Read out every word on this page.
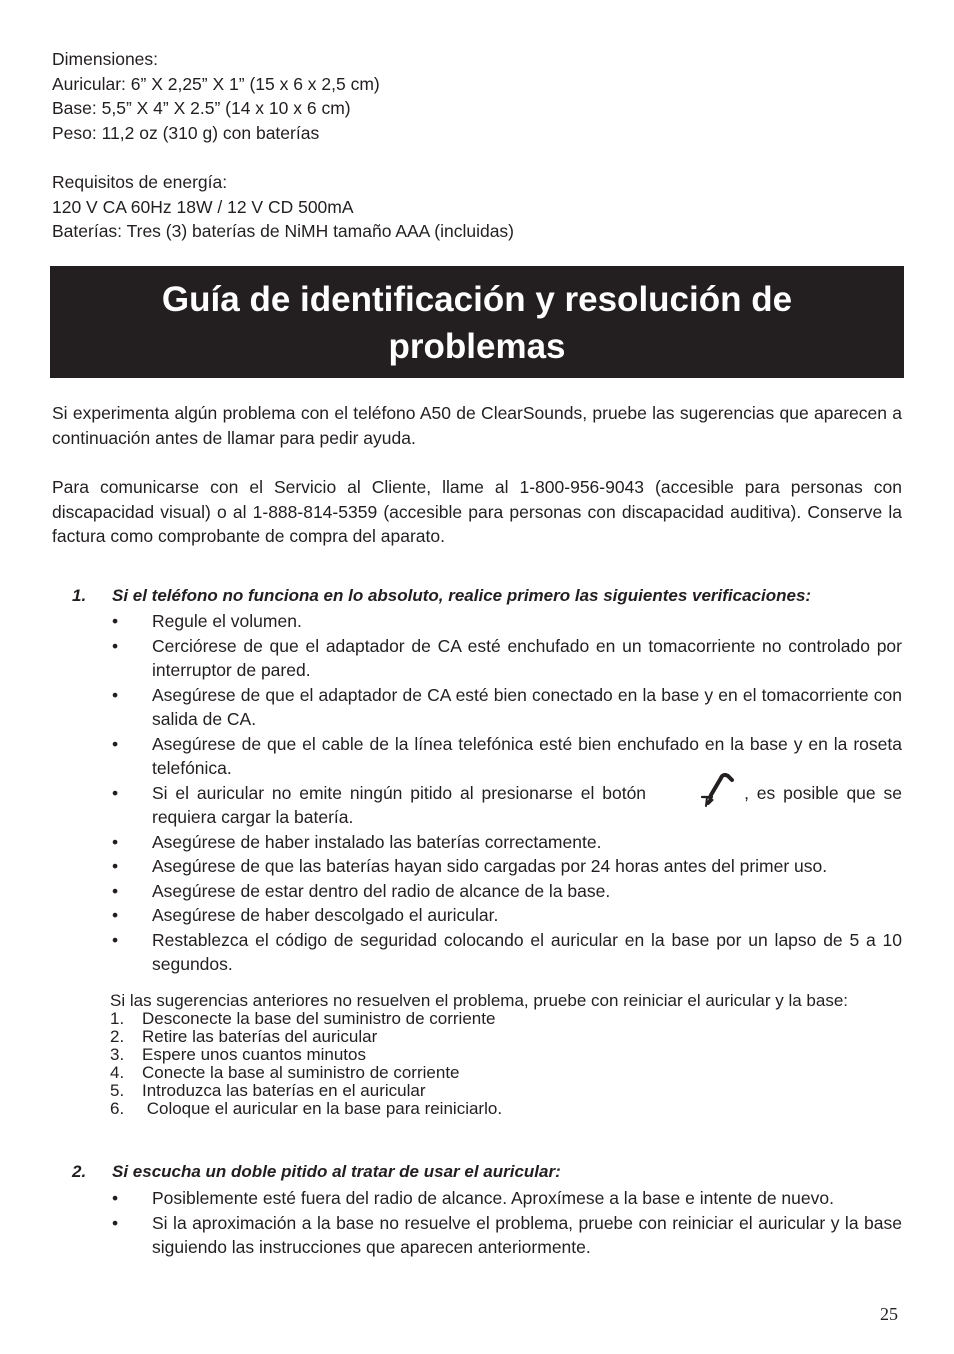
Dimensiones:
Auricular: 6” X 2,25” X 1” (15 x 6 x 2,5 cm)
Base: 5,5” X 4” X 2.5” (14 x 10 x 6 cm)
Peso: 11,2 oz (310 g) con baterías
Requisitos de energía:
120 V CA 60Hz 18W / 12 V CD 500mA
Baterías: Tres (3) baterías de NiMH tamaño AAA (incluidas)
Guía de identificación y resolución de
problemas
Si experimenta algún problema con el teléfono A50 de ClearSounds, pruebe las sugerencias que aparecen a continuación antes de llamar para pedir ayuda.
Para comunicarse con el Servicio al Cliente, llame al 1-800-956-9043 (accesible para personas con discapacidad visual) o al 1-888-814-5359 (accesible para personas con discapacidad auditiva). Conserve la factura como comprobante de compra del aparato.
1. Si el teléfono no funciona en lo absoluto, realice primero las siguientes verificaciones:
• Regule el volumen.
• Cerciórese de que el adaptador de CA esté enchufado en un tomacorriente no controlado por interruptor de pared.
• Asegúrese de que el adaptador de CA esté bien conectado en la base y en el tomacorriente con salida de CA.
• Asegúrese de que el cable de la línea telefónica esté bien enchufado en la base y en la roseta telefónica.
• Si el auricular no emite ningún pitido al presionarse el botón	, es posible que se
requiera cargar la batería.
• Asegúrese de haber instalado las baterías correctamente.
• Asegúrese de que las baterías hayan sido cargadas por 24 horas antes del primer uso.
• Asegúrese de estar dentro del radio de alcance de la base.
• Asegúrese de haber descolgado el auricular.
• Restablezca el código de seguridad colocando el auricular en la base por un lapso de 5 a 10 segundos.
Si las sugerencias anteriores no resuelven el problema, pruebe con reiniciar el auricular y la base:
1. Desconecte la base del suministro de corriente
2. Retire las baterías del auricular
3. Espere unos cuantos minutos
4. Conecte la base al suministro de corriente
5. Introduzca las baterías en el auricular
6. Coloque el auricular en la base para reiniciarlo.
2. Si escucha un doble pitido al tratar de usar el auricular:
• Posiblemente esté fuera del radio de alcance. Aproxímese a la base e intente de nuevo.
• Si la aproximación a la base no resuelve el problema, pruebe con reiniciar el auricular y la base siguiendo las instrucciones que aparecen anteriormente.
25
